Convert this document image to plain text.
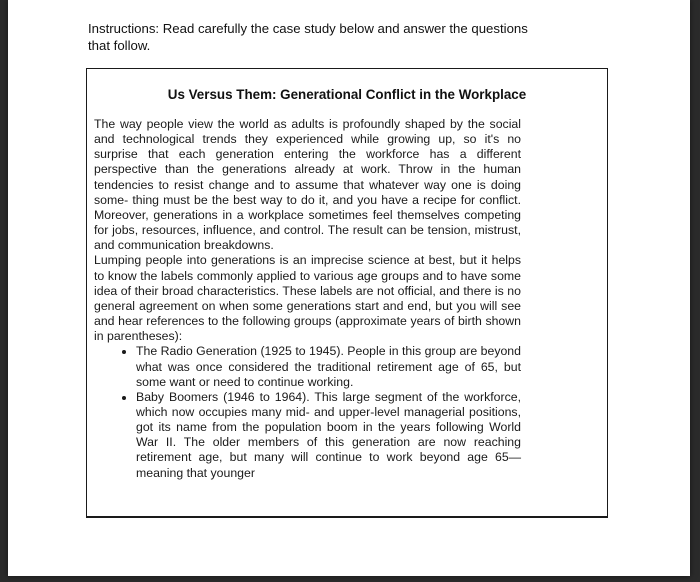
Instructions: Read carefully the case study below and answer the questions that follow.
Us Versus Them: Generational Conflict in the Workplace

The way people view the world as adults is profoundly shaped by the social and technological trends they experienced while growing up, so it's no surprise that each generation entering the workforce has a different perspective than the generations already at work. Throw in the human tendencies to resist change and to assume that whatever way one is doing some- thing must be the best way to do it, and you have a recipe for conflict. Moreover, generations in a workplace sometimes feel themselves competing for jobs, resources, influence, and control. The result can be tension, mistrust, and communication breakdowns.

Lumping people into generations is an imprecise science at best, but it helps to know the labels commonly applied to various age groups and to have some idea of their broad characteristics. These labels are not official, and there is no general agreement on when some generations start and end, but you will see and hear references to the following groups (approximate years of birth shown in parentheses):

• The Radio Generation (1925 to 1945). People in this group are beyond what was once considered the traditional retirement age of 65, but some want or need to continue working.
• Baby Boomers (1946 to 1964). This large segment of the workforce, which now occupies many mid- and upper-level managerial positions, got its name from the population boom in the years following World War II. The older members of this generation are now reaching retirement age, but many will continue to work beyond age 65—meaning that younger
